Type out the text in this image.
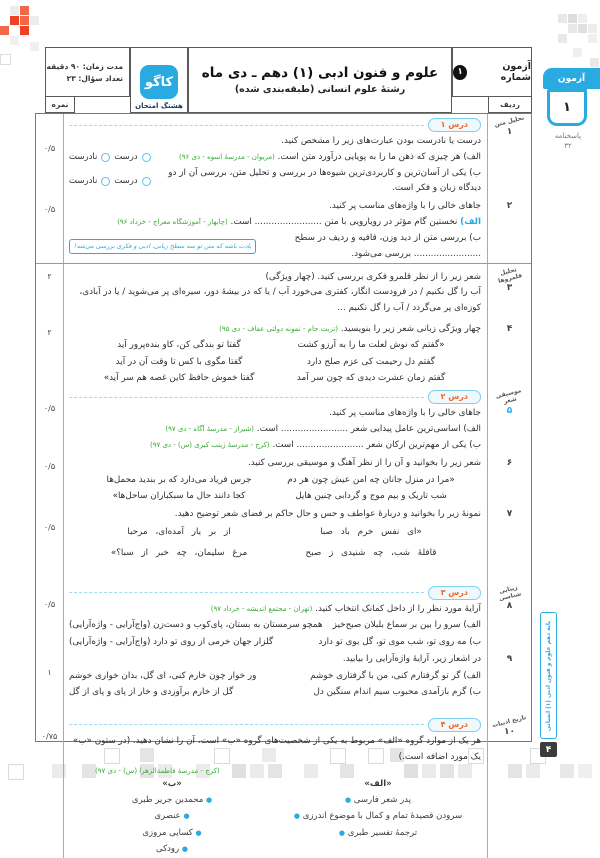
مدت زمان: ۹۰ دقیقه
تعداد سؤال: ۲۳
نمره
کاگو
هشتگ امتحان
علوم و فنون ادبی (۱) دهم ـ دی ماه
رشتهٔ علوم انسانی (طبقه‌بندی شده)
آزمون شماره
۱
ردیف
آزمون
۱
پاسخنامه
۳۲
پایه دهم علوم و فنون ادبی (۱) انسانی
۴
تحلیل متن
۱
درس ۱
درست یا نادرست بودن عبارت‌های زیر را مشخص کنید.
الف) هر چیزی که ذهن ما را به پویایی درآورد متن است. (مریوان - مدرسهٔ اسوه - دی ۹۶)
درست
نادرست
ب) یکی از آسان‌ترین و کاربردی‌ترین شیوه‌ها در بررسی و تحلیل متن، بررسی آن از دو دیدگاه زبان و فکر است.
درست
نادرست
۰/۵
۲
جاهای خالی را با واژه‌های مناسب پر کنید.
الف) نخستین گام مؤثر در رویارویی با متن ........................ است. (چابهار - آموزشگاه معراج - خرداد ۹۶)
ب) بررسی متن از دید وزن، قافیه و ردیف در سطح ........................ بررسی می‌شود.
یادت باشه که متن تو سه سطح زبانی، ادبی و فکری بررسی می‌شه!
۰/۵
تحلیل قلمروها
۳
شعر زیر را از نظر قلمرو فکری بررسی کنید. (چهار ویژگی)
آب را گل نکنیم / در فرودست انگار، کفتری می‌خورد آب / یا که در بیشهٔ دور، سیره‌ای پر می‌شوید / یا در آبادی، کوزه‌ای پر می‌گردد / آب را گل نکنیم ...
۲
۴
چهار ویژگی زبانی شعر زیر را بنویسید. (تربت جام - نمونه دولتی عفاف - دی ۹۵)
«گفتم که نوش لعلت ما را به آرزو کشت
گفتا تو بندگی کن، کاو بنده‌پرور آید
گفتم دل رحیمت کی عزم صلح دارد
گفتا مگوی با کس تا وقت آن در آید
گفتم زمان عشرت دیدی که چون سر آمد
گفتا خموش حافظ کاین غصه هم سر آید»
۲
موسیقی شعر
۵
درس ۲
جاهای خالی را با واژه‌های مناسب پر کنید.
الف) اساسی‌ترین عامل پیدایی شعر ........................ است. (شیراز - مدرسهٔ آگاه - دی ۹۷)
ب) یکی از مهم‌ترین ارکان شعر ........................ است. (کرج - مدرسهٔ زینب کبری (س) - دی ۹۷)
۰/۵
۶
شعر زیر را بخوانید و آن را از نظر آهنگ و موسیقی بررسی کنید.
«مرا در منزل جانان چه امن عیش چون هر دم
جرس فریاد می‌دارد که بر بندید محمل‌ها
شب تاریک و بیم موج و گردابی چنین هایل
کجا دانند حال ما سبکباران ساحل‌ها»
۰/۵
۷
نمونهٔ زیر را بخوانید و دربارهٔ عواطف و حس و حال حاکم بر فضای شعر توضیح دهید.
«ای نفس خرم باد صبا
از بر یار آمده‌ای، مرحبا
قافلهٔ شب، چه شنیدی ز صبح
مرغ سلیمان، چه خبر از سبا؟»
۰/۵
زیبایی شناسی
۸
درس ۳
آرایهٔ مورد نظر را از داخل کمانک انتخاب کنید. (تهران - مجتمع اندیشه - خرداد ۹۷)
الف) سرو را بین بر سماع بلبلان صبح‌خیز
همچو سرمستان به بستان، پای‌کوب و دست‌زن (واج‌آرایی - واژه‌آرایی)
ب) مه روی تو، شب موی تو، گل بوی تو دارد
گلزار جهان خرمی از روی تو دارد (واج‌آرایی - واژه‌آرایی)
۰/۵
۹
در اشعار زیر، آرایهٔ واژه‌آرایی را بیابید.
الف) گر تو گرفتارم کنی، من با گرفتاری خوشم
ور خوار چون خارم کنی، ای گل، بدان خواری خوشم
ب) گرم بازآمدی محبوب سیم اندام سنگین دل
گل از خارم برآوردی و خار از پای و پای از گل
۱
تاریخ ادبیات
۱۰
درس ۴
هر یک از موارد گروه «الف» مربوط به یکی از شخصیت‌های گروه «ب» است، آن را نشان دهید. (در ستون «ب» یک مورد اضافه است.)
(کرج - مدرسهٔ فاطمةالزهرا (س) - دی ۹۷)
«الف»
پدر شعر فارسی ●
سرودن قصیدهٔ تمام و کمال با موضوع اندرزی ●
ترجمهٔ تفسیر طبری ●
«ب»
● محمدبن جریر طبری
● عنصری
● کسایی مروزی
● رودکی
۰/۷۵
